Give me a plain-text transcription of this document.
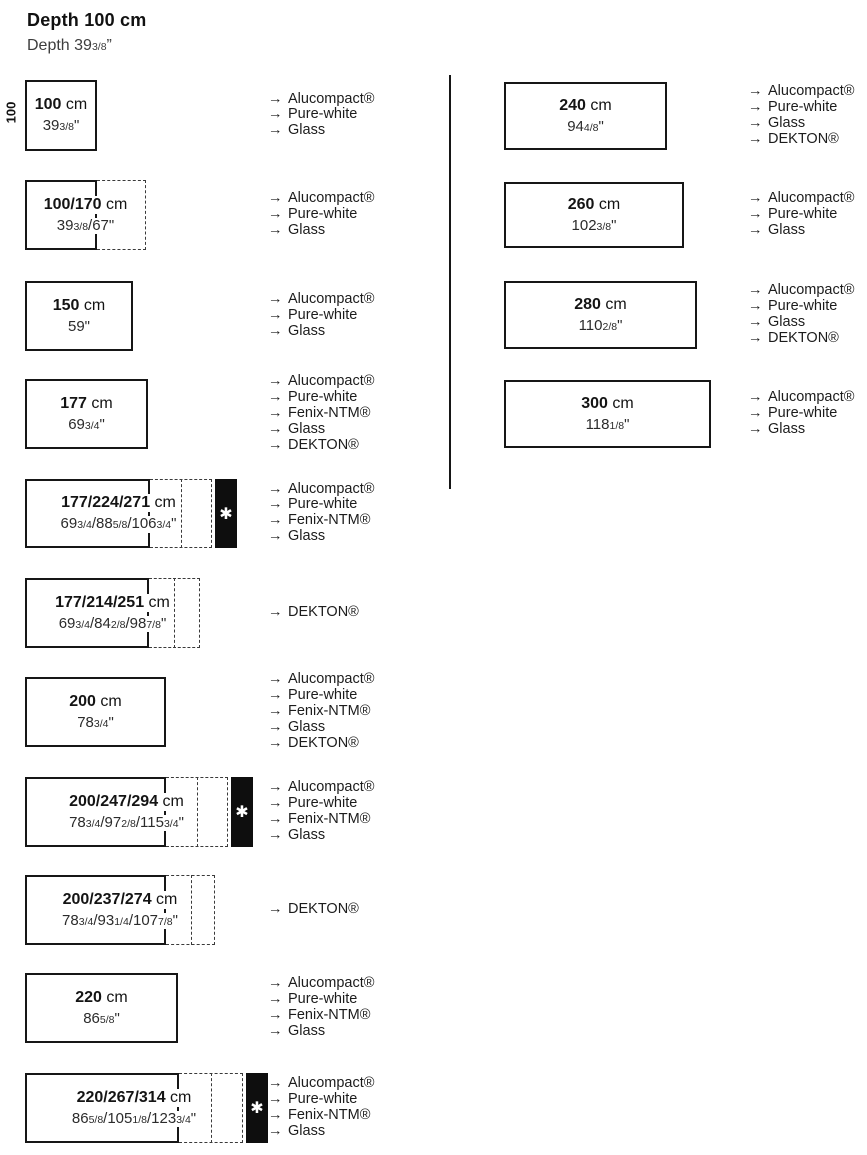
Depth 100 cm
Depth 393/8”
100 100 cm
393/8"
→ Alucompact®
→ Pure-white
→ Glass
100/170 cm
393/8/67"
→ Alucompact®
→ Pure-white
→ Glass
150 cm
59"
→ Alucompact®
→ Pure-white
→ Glass
177 cm
693/4"
→ Alucompact®
→ Pure-white
→ Fenix-NTM®
→ Glass
→ DEKTON®
✱
177/224/271 cm
693/4/885/8/1063/4"
→ Alucompact®
→ Pure-white
→ Fenix-NTM®
→ Glass
177/214/251 cm
693/4/842/8/987/8"
→ DEKTON®
200 cm
783/4"
→ Alucompact®
→ Pure-white
→ Fenix-NTM®
→ Glass
→ DEKTON®
✱
200/247/294 cm
783/4/972/8/1153/4"
→ Alucompact®
→ Pure-white
→ Fenix-NTM®
→ Glass
200/237/274 cm
783/4/931/4/1077/8"
→ DEKTON®
220 cm
865/8"
→ Alucompact®
→ Pure-white
→ Fenix-NTM®
→ Glass
✱
220/267/314 cm
865/8/1051/8/1233/4"
→ Alucompact®
→ Pure-white
→ Fenix-NTM®
→ Glass
240 cm
944/8"
→ Alucompact®
→ Pure-white
→ Glass
→ DEKTON®
260 cm
1023/8"
→ Alucompact®
→ Pure-white
→ Glass
280 cm
1102/8"
→ Alucompact®
→ Pure-white
→ Glass
→ DEKTON®
300 cm
1181/8"
→ Alucompact®
→ Pure-white
→ Glass
